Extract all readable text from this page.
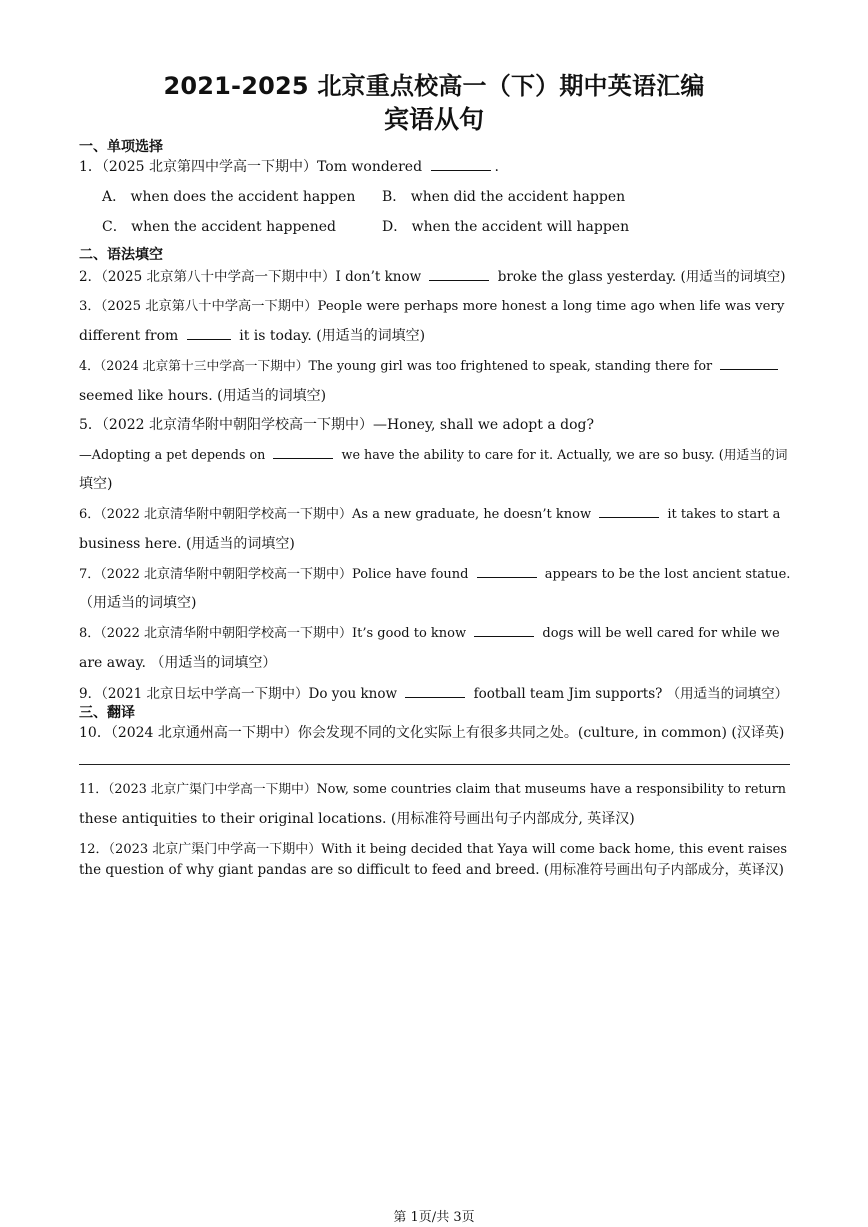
2021-2025 北京重点校高一（下）期中英语汇编
宾语从句
一、单项选择
1．（2025 北京第四中学高一下期中）Tom wondered	.
A． when does the accident happen B． when did the accident happen
C． when the accident happened	D． when the accident will happen
二、语法填空
2．（2025 北京第八十中学高一下期中中）I don’t know	broke the glass yesterday. (用适当的词填空)
3．（2025 北京第八十中学高一下期中）People were perhaps more honest a long time ago when life was very
different from	it is today. (用适当的词填空)
4．（2024 北京第十三中学高一下期中）The young girl was too frightened to speak, standing there for
seemed like hours. (用适当的词填空)
5．（2022 北京清华附中朝阳学校高一下期中）—Honey, shall we adopt a dog?
—Adopting a pet depends on	we have the ability to care for it. Actually, we are so busy. (用适当的词
填空)
6．（2022 北京清华附中朝阳学校高一下期中）As a new graduate, he doesn’t know	it takes to start a
business here. (用适当的词填空)
7．（2022 北京清华附中朝阳学校高一下期中）Police have found	appears to be the lost ancient statue.
（用适当的词填空)
8．（2022 北京清华附中朝阳学校高一下期中）It’s good to know	dogs will be well cared for while we
are away. （用适当的词填空）
9．（2021 北京日坛中学高一下期中）Do you know	football team Jim supports? （用适当的词填空）
三、翻译
10．（2024 北京通州高一下期中）你会发现不同的文化实际上有很多共同之处。(culture, in common) (汉译英)
11．（2023 北京广渠门中学高一下期中）Now, some countries claim that museums have a responsibility to return
these antiquities to their original locations. (用标准符号画出句子内部成分, 英译汉)
12．（2023 北京广渠门中学高一下期中）With it being decided that Yaya will come back home, this event raises
the question of why giant pandas are so difficult to feed and breed. (用标准符号画出句子内部成分，英译汉)
第 1页/共 3页
